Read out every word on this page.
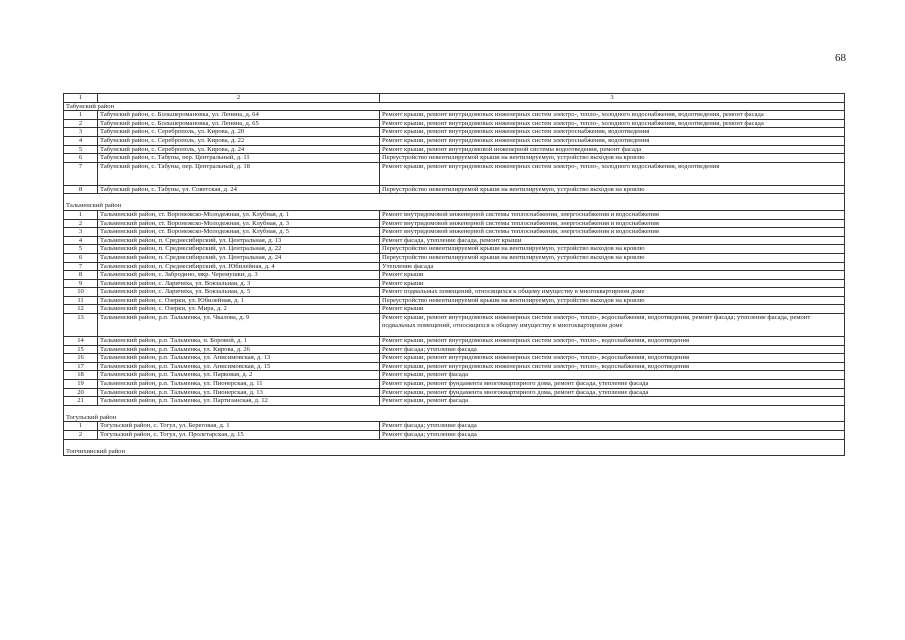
68
1	2	3
Табунский район		
1	Табунский район, с. Большеромановка, ул. Ленина, д. 64	Ремонт крыши, ремонт внутридомовых инженерных систем электро-, тепло-, холодного водоснабжения, водоотведения, ремонт фасада
2	Табунский район, с. Большеромановка, ул. Ленина, д. 65	Ремонт крыши, ремонт внутридомовых инженерных систем электро-, тепло-, холодного водоснабжения, водоотведения, ремонт фасада
3	Табунский район, с. Сереброполь, ул. Кирова, д. 20	Ремонт крыши, ремонт внутридомовых инженерных систем электроснабжения, водоотведения
4	Табунский район, с. Сереброполь, ул. Кирова, д. 22	Ремонт крыши, ремонт внутридомовых инженерных систем электроснабжения, водоотведения
5	Табунский район, с. Сереброполь, ул. Кирова, д. 24	Ремонт крыши, ремонт внутридомовой инженерной системы водоотведения, ремонт фасада
6	Табунский район, с. Табуны, пер. Центральный, д. 11	Переустройство невентилируемой крыши на вентилируемую, устройство выходов на кровлю
7	Табунский район, с. Табуны, пер. Центральный, д. 18	Ремонт крыши, ремонт внутридомовых инженерных систем электро-, тепло-, холодного водоснабжения, водоотведения
8	Табунский район, с. Табуны, ул. Советская, д. 24	Переустройство невентилируемой крыши на вентилируемую, устройство выходов на кровлю
Тальменский район		
1	Тальменский район, ст. Воронежско-Молодежная, ул. Клубная, д. 1	Ремонт внутридомовой инженерной системы теплоснабжения, энергоснабжения и водоснабжения
2	Тальменский район, ст. Воронежско-Молодежная, ул. Клубная, д. 3	Ремонт внутридомовой инженерной системы теплоснабжения, энергоснабжения и водоснабжения
3	Тальменский район, ст. Воронежско-Молодежная, ул. Клубная, д. 5	Ремонт внутридомовой инженерной системы теплоснабжения, энергоснабжения и водоснабжения
4	Тальменский район, п. Среднесибирский, ул. Центральная, д. 13	Ремонт фасада, утепление фасада, ремонт крыши
5	Тальменский район, п. Среднесибирский, ул. Центральная, д. 22	Переустройство невентилируемой крыши на вентилируемую, устройство выходов на кровлю
6	Тальменский район, п. Среднесибирский, ул. Центральная, д. 24	Переустройство невентилируемой крыши на вентилируемую, устройство выходов на кровлю
7	Тальменский район, п. Среднесибирский, ул. Юбилейная, д. 4	Утепление фасада
8	Тальменский район, с. Забродино, мкр. Черемушки, д. 3	Ремонт крыши
9	Тальменский район, с. Ларичиха, ул. Вокзальная, д. 3	Ремонт крыши
10	Тальменский район, с. Ларичиха, ул. Вокзальная, д. 5	Ремонт подвальных помещений, относящихся к общему имуществу в многоквартирном доме
11	Тальменский район, с. Озерки, ул. Юбилейная, д. 1	Переустройство невентилируемой крыши на вентилируемую, устройство выходов на кровлю
12	Тальменский район, с. Озерки, ул. Мира, д. 2	Ремонт крыши
13	Тальменский район, р.п. Тальменка, ул. Чкалова, д. 9	Ремонт крыши, ремонт внутридомовых инженерных систем электро-, тепло-, водоснабжения, водоотведения, ремонт фасада; утепление фасада, ремонт подвальных помещений, относящихся к общему имуществу в многоквартирном доме
14	Тальменский район, р.п. Тальменка, п. Боровой, д. 1	Ремонт крыши, ремонт внутридомовых инженерных систем электро-, тепло-, водоснабжения, водоотведения
15	Тальменский район, р.п. Тальменка, ул. Кирова, д. 26	Ремонт фасада; утепление фасада
16	Тальменский район, р.п. Тальменка, ул. Анисимовская, д. 13	Ремонт крыши, ремонт внутридомовых инженерных систем электро-, тепло-, водоснабжения, водоотведения
17	Тальменский район, р.п. Тальменка, ул. Анисимовская, д. 15	Ремонт крыши, ремонт внутридомовых инженерных систем электро-, тепло-, водоснабжения, водоотведения
18	Тальменский район, р.п. Тальменка, ул. Парковая, д. 2	Ремонт крыши, ремонт фасада
19	Тальменский район, р.п. Тальменка, ул. Пионерская, д. 11	Ремонт крыши, ремонт фундамента многоквартирного дома, ремонт фасада, утепление фасада
20	Тальменский район, р.п. Тальменка, ул. Пионерская, д. 13	Ремонт крыши, ремонт фундамента многоквартирного дома, ремонт фасада, утепление фасада
21	Тальменский район, р.п. Тальменка, ул. Партизанская, д. 12	Ремонт крыши, ремонт фасада
Тогульский район		
1	Тогульский район, с. Тогул, ул. Береговая, д. 1	Ремонт фасада; утепление фасада
2	Тогульский район, с. Тогул, ул. Пролетарская, д. 15	Ремонт фасада; утепление фасада
Топчихинский район		
